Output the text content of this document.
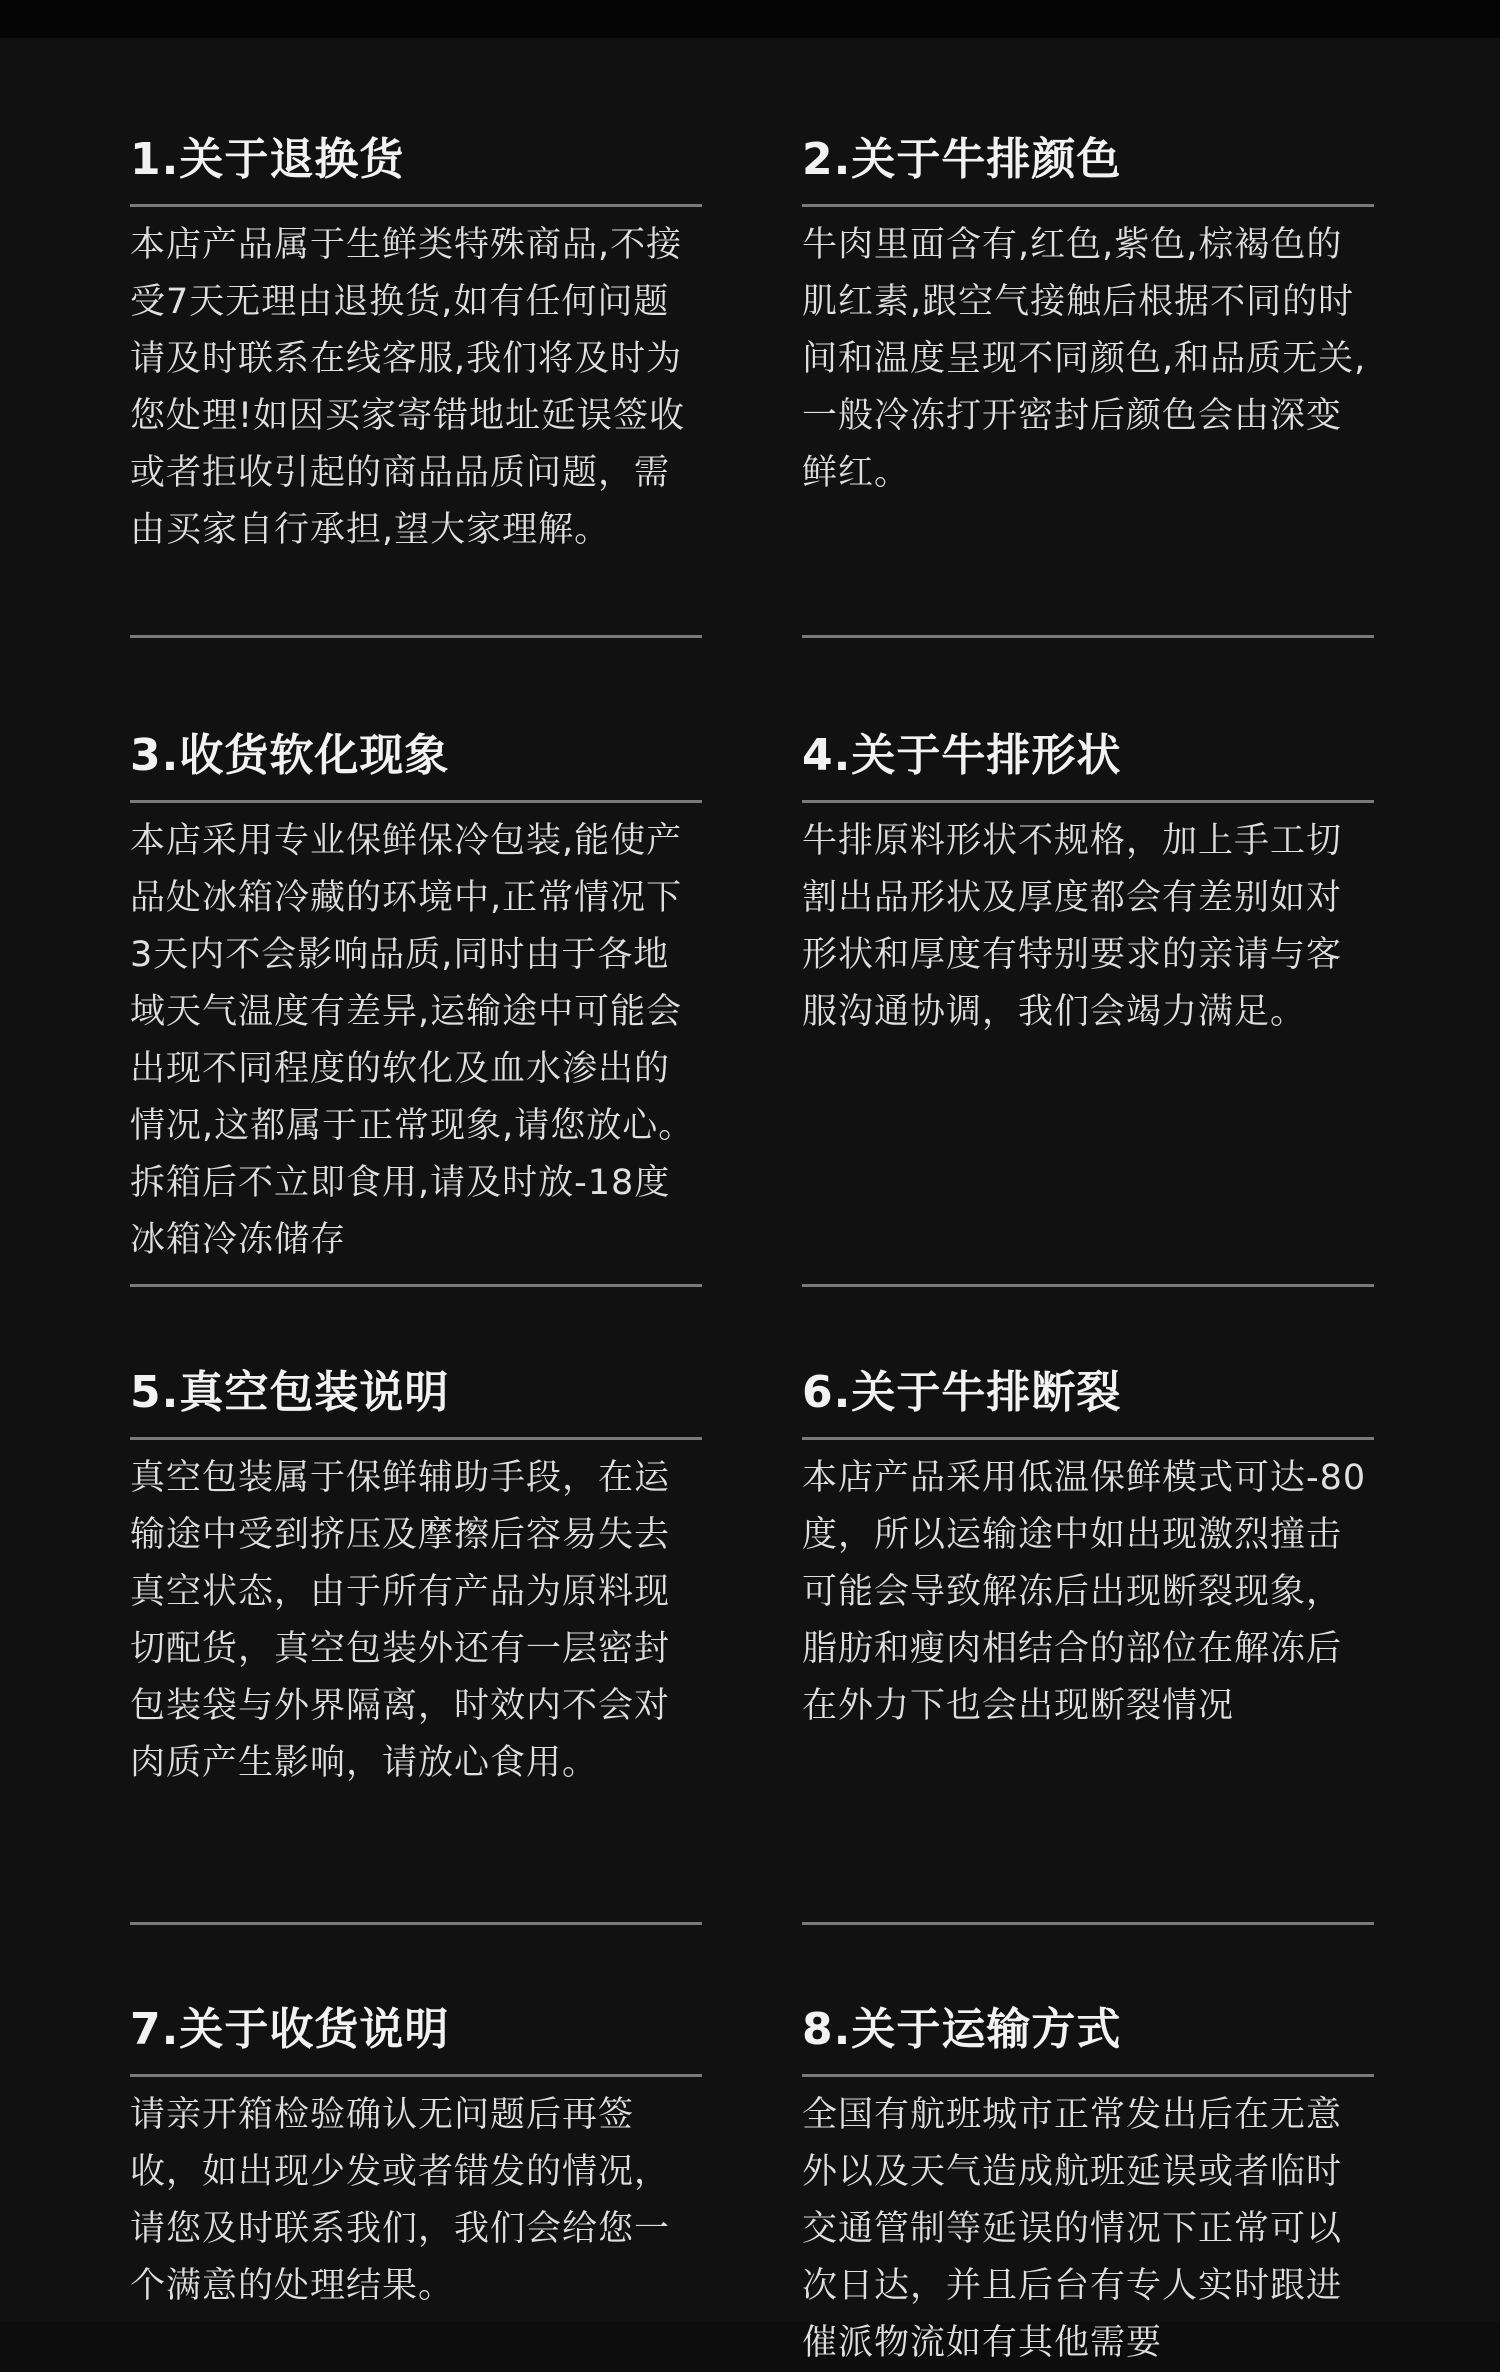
1.关于退换货
本店产品属于生鲜类特殊商品,不接受7天无理由退换货,如有任何问题请及时联系在线客服,我们将及时为您处理!如因买家寄错地址延误签收或者拒收引起的商品品质问题，需由买家自行承担,望大家理解。
2.关于牛排颜色
牛肉里面含有,红色,紫色,棕褐色的肌红素,跟空气接触后根据不同的时间和温度呈现不同颜色,和品质无关,一般冷冻打开密封后颜色会由深变鲜红。
3.收货软化现象
本店采用专业保鲜保冷包装,能使产品处冰箱冷藏的环境中,正常情况下3天内不会影响品质,同时由于各地域天气温度有差异,运输途中可能会出现不同程度的软化及血水渗出的情况,这都属于正常现象,请您放心。拆箱后不立即食用,请及时放-18度冰箱冷冻储存
4.关于牛排形状
牛排原料形状不规格，加上手工切割出品形状及厚度都会有差别如对形状和厚度有特别要求的亲请与客服沟通协调，我们会竭力满足。
5.真空包装说明
真空包装属于保鲜辅助手段，在运输途中受到挤压及摩擦后容易失去真空状态，由于所有产品为原料现切配货，真空包装外还有一层密封包装袋与外界隔离，时效内不会对肉质产生影响，请放心食用。
6.关于牛排断裂
本店产品采用低温保鲜模式可达-80度，所以运输途中如出现激烈撞击可能会导致解冻后出现断裂现象，脂肪和瘦肉相结合的部位在解冻后在外力下也会出现断裂情况
7.关于收货说明
请亲开箱检验确认无问题后再签收，如出现少发或者错发的情况，请您及时联系我们，我们会给您一个满意的处理结果。
8.关于运输方式
全国有航班城市正常发出后在无意外以及天气造成航班延误或者临时交通管制等延误的情况下正常可以次日达，并且后台有专人实时跟进催派物流如有其他需要
